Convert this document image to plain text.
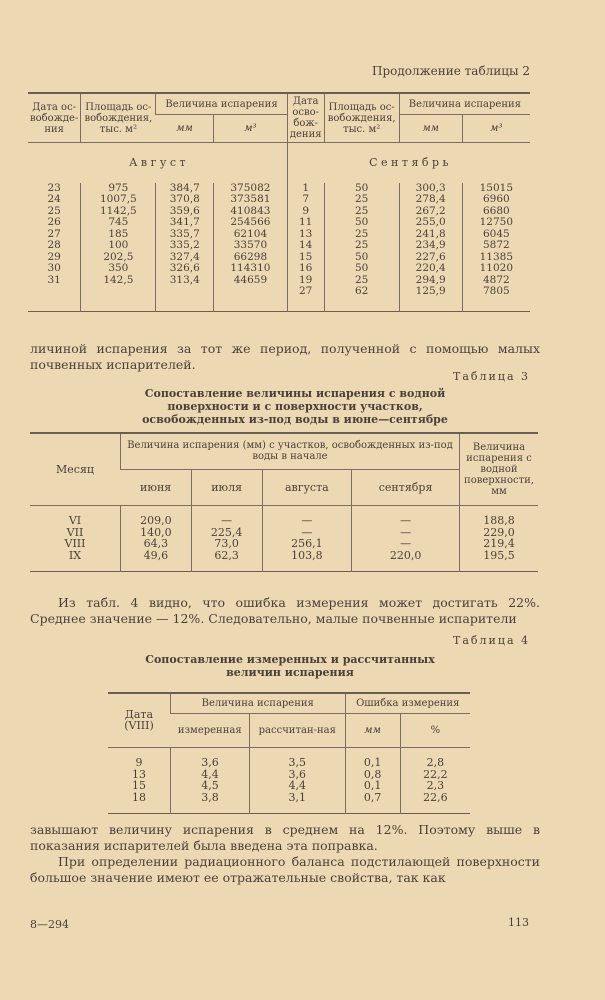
Продолжение таблицы 2
Дата ос-вобожде-ния	Площадь ос-вобождения, тыс. м²	Величина испарения		Дата осво-бож-дения	Площадь ос-вобождения, тыс. м²	Величина испарения	
		мм	м³			мм	м³
А в г у с т				С е н т я б р ь			
23	975	384,7	375082	1	50	300,3	15015
24	1007,5	370,8	373581	7	25	278,4	6960
25	1142,5	359,6	410843	9	25	267,2	6680
26	745	341,7	254566	11	50	255,0	12750
27	185	335,7	62104	13	25	241,8	6045
28	100	335,2	33570	14	25	234,9	5872
29	202,5	327,4	66298	15	50	227,6	11385
30	350	326,6	114310	16	50	220,4	11020
31	142,5	313,4	44659	19	25	294,9	4872
				27	62	125,9	7805

личиной испарения за тот же период, полученной с помощью малых почвенных испарителей.
Таблица 3
Сопоставление величины испарения с водной поверхности и с поверхности участков, освобожденных из-под воды в июне—сентябре
Месяц	Величина испарения (мм) с участков, освобожденных из-под воды в начале				Величина испарения с водной поверхности, мм
	июня	июля	августа	сентября	

VI	209,0	—	—	—	188,8
VII	140,0	225,4	—	—	229,0
VIII	64,3	73,0	256,1	—	219,4
IX	49,6	62,3	103,8	220,0	195,5

Из табл. 4 видно, что ошибка измерения может достигать 22%. Среднее значение — 12%. Следовательно, малые почвенные испарители
Таблица 4
Сопоставление измеренных и рассчитанных величин испарения
Дата (VIII)	Величина испарения		Ошибка измерения	
	измеренная	рассчитан-ная	мм	%

9	3,6	3,5	0,1	2,8
13	4,4	3,6	0,8	22,2
15	4,5	4,4	0,1	2,3
18	3,8	3,1	0,7	22,6

завышают величину испарения в среднем на 12%. Поэтому выше в показания испарителей была введена эта поправка.

При определении радиационного баланса подстилающей поверхности большое значение имеют ее отражательные свойства, так как

8—294	113
